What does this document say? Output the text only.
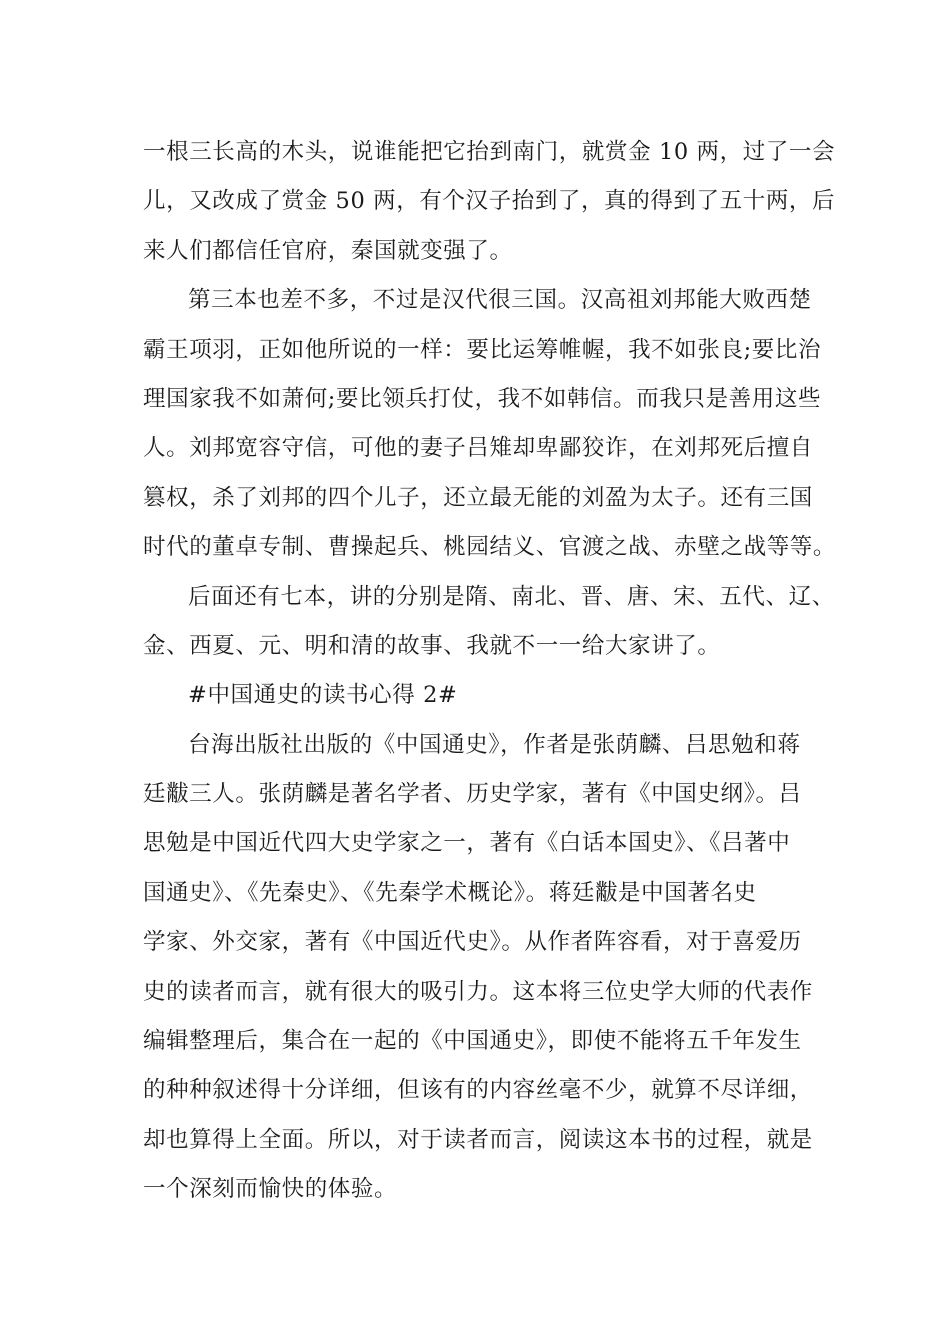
一根三长高的木头，说谁能把它抬到南门，就赏金 10 两，过了一会
儿，又改成了赏金 50 两，有个汉子抬到了，真的得到了五十两，后
来人们都信任官府，秦国就变强了。
第三本也差不多，不过是汉代很三国。汉高祖刘邦能大败西楚
霸王项羽，正如他所说的一样：要比运筹帷幄，我不如张良;要比治
理国家我不如萧何;要比领兵打仗，我不如韩信。而我只是善用这些
人。刘邦宽容守信，可他的妻子吕雉却卑鄙狡诈，在刘邦死后擅自
篡权，杀了刘邦的四个儿子，还立最无能的刘盈为太子。还有三国
时代的董卓专制、曹操起兵、桃园结义、官渡之战、赤壁之战等等。
后面还有七本，讲的分别是隋、南北、晋、唐、宋、五代、辽、
金、西夏、元、明和清的故事、我就不一一给大家讲了。
#中国通史的读书心得 2#
台海出版社出版的《中国通史》，作者是张荫麟、吕思勉和蒋
廷黻三人。张荫麟是著名学者、历史学家，著有《中国史纲》。吕
思勉是中国近代四大史学家之一，著有《白话本国史》、《吕著中
国通史》、《先秦史》、《先秦学术概论》。蒋廷黻是中国著名史
学家、外交家，著有《中国近代史》。从作者阵容看，对于喜爱历
史的读者而言，就有很大的吸引力。这本将三位史学大师的代表作
编辑整理后，集合在一起的《中国通史》，即使不能将五千年发生
的种种叙述得十分详细，但该有的内容丝毫不少，就算不尽详细，
却也算得上全面。所以，对于读者而言，阅读这本书的过程，就是
一个深刻而愉快的体验。
